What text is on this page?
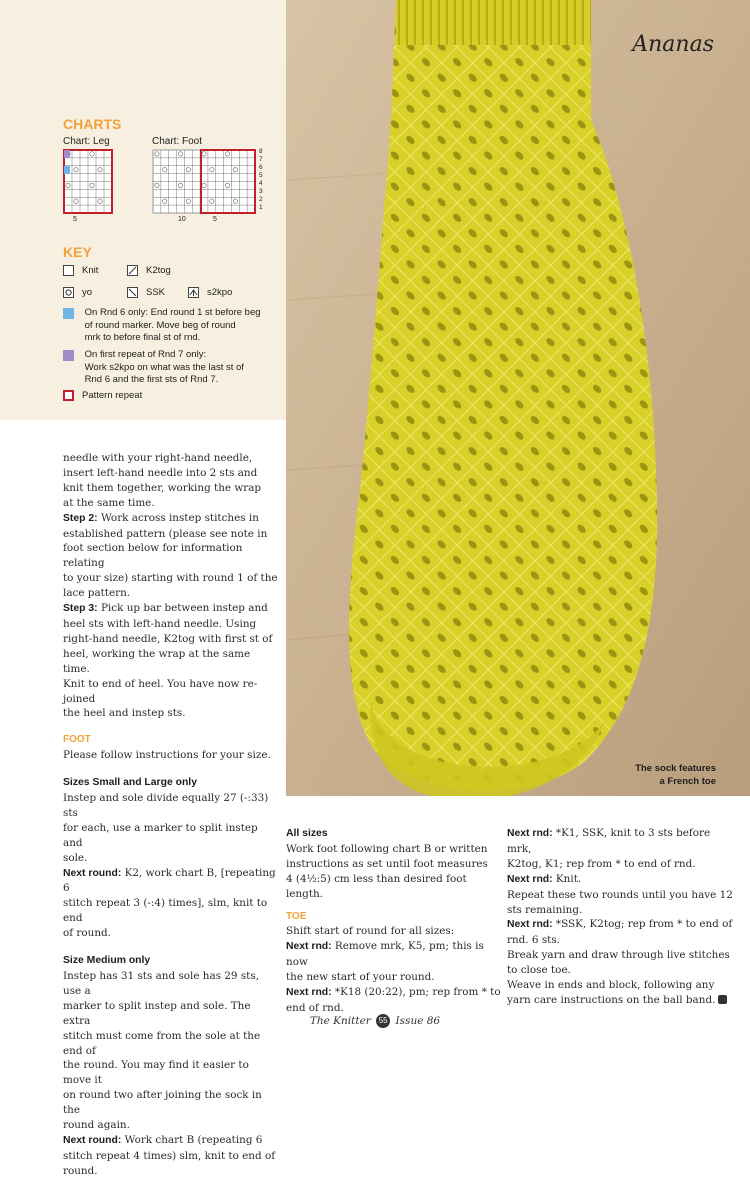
CHARTS
Chart: Leg	Chart: Foot
5	10	5
8
7
6
5
4
3
2
1
KEY
Knit	K2tog
yo	SSK	s2kpo
On Rnd 6 only: End round 1 st before beg
of round marker. Move beg of round
mrk to before final st of rnd.
On first repeat of Rnd 7 only:
Work s2kpo on what was the last st of
Rnd 6 and the first sts of Rnd 7.
Pattern repeat
Ananas
The sock features
a French toe

needle with your right-hand needle,
insert left-hand needle into 2 sts and
knit them together, working the wrap
at the same time.

Step 2: Work across instep stitches in
established pattern (please see note in
foot section below for information relating
to your size) starting with round 1 of the
lace pattern.

Step 3: Pick up bar between instep and
heel sts with left-hand needle. Using
right-hand needle, K2tog with first st of
heel, working the wrap at the same time.
Knit to end of heel. You have now re-joined
the heel and instep sts.

FOOT

Please follow instructions for your size.

Sizes Small and Large only
Instep and sole divide equally 27 (-:33) sts
for each, use a marker to split instep and
sole.

Next round: K2, work chart B, [repeating 6
stitch repeat 3 (-:4) times], slm, knit to end
of round.

Size Medium only
Instep has 31 sts and sole has 29 sts, use a
marker to split instep and sole. The extra
stitch must come from the sole at the end of
the round. You may find it easier to move it
on round two after joining the sock in the
round again.

Next round: Work chart B (repeating 6
stitch repeat 4 times) slm, knit to end of
round.

All sizes
Work foot following chart B or written
instructions as set until foot measures
4 (4½:5) cm less than desired foot length.

TOE

Shift start of round for all sizes:

Next rnd: Remove mrk, K5, pm; this is now
the new start of your round.

Next rnd: *K18 (20:22), pm; rep from * to
end of rnd.

Next rnd: *K1, SSK, knit to 3 sts before mrk,
K2tog, K1; rep from * to end of rnd.

Next rnd: Knit.

Repeat these two rounds until you have 12
sts remaining.

Next rnd: *SSK, K2tog; rep from * to end of
rnd. 6 sts.

Break yarn and draw through live stitches
to close toe.
Weave in ends and block, following any
yarn care instructions on the ball band.

The Knitter 55 Issue 86
